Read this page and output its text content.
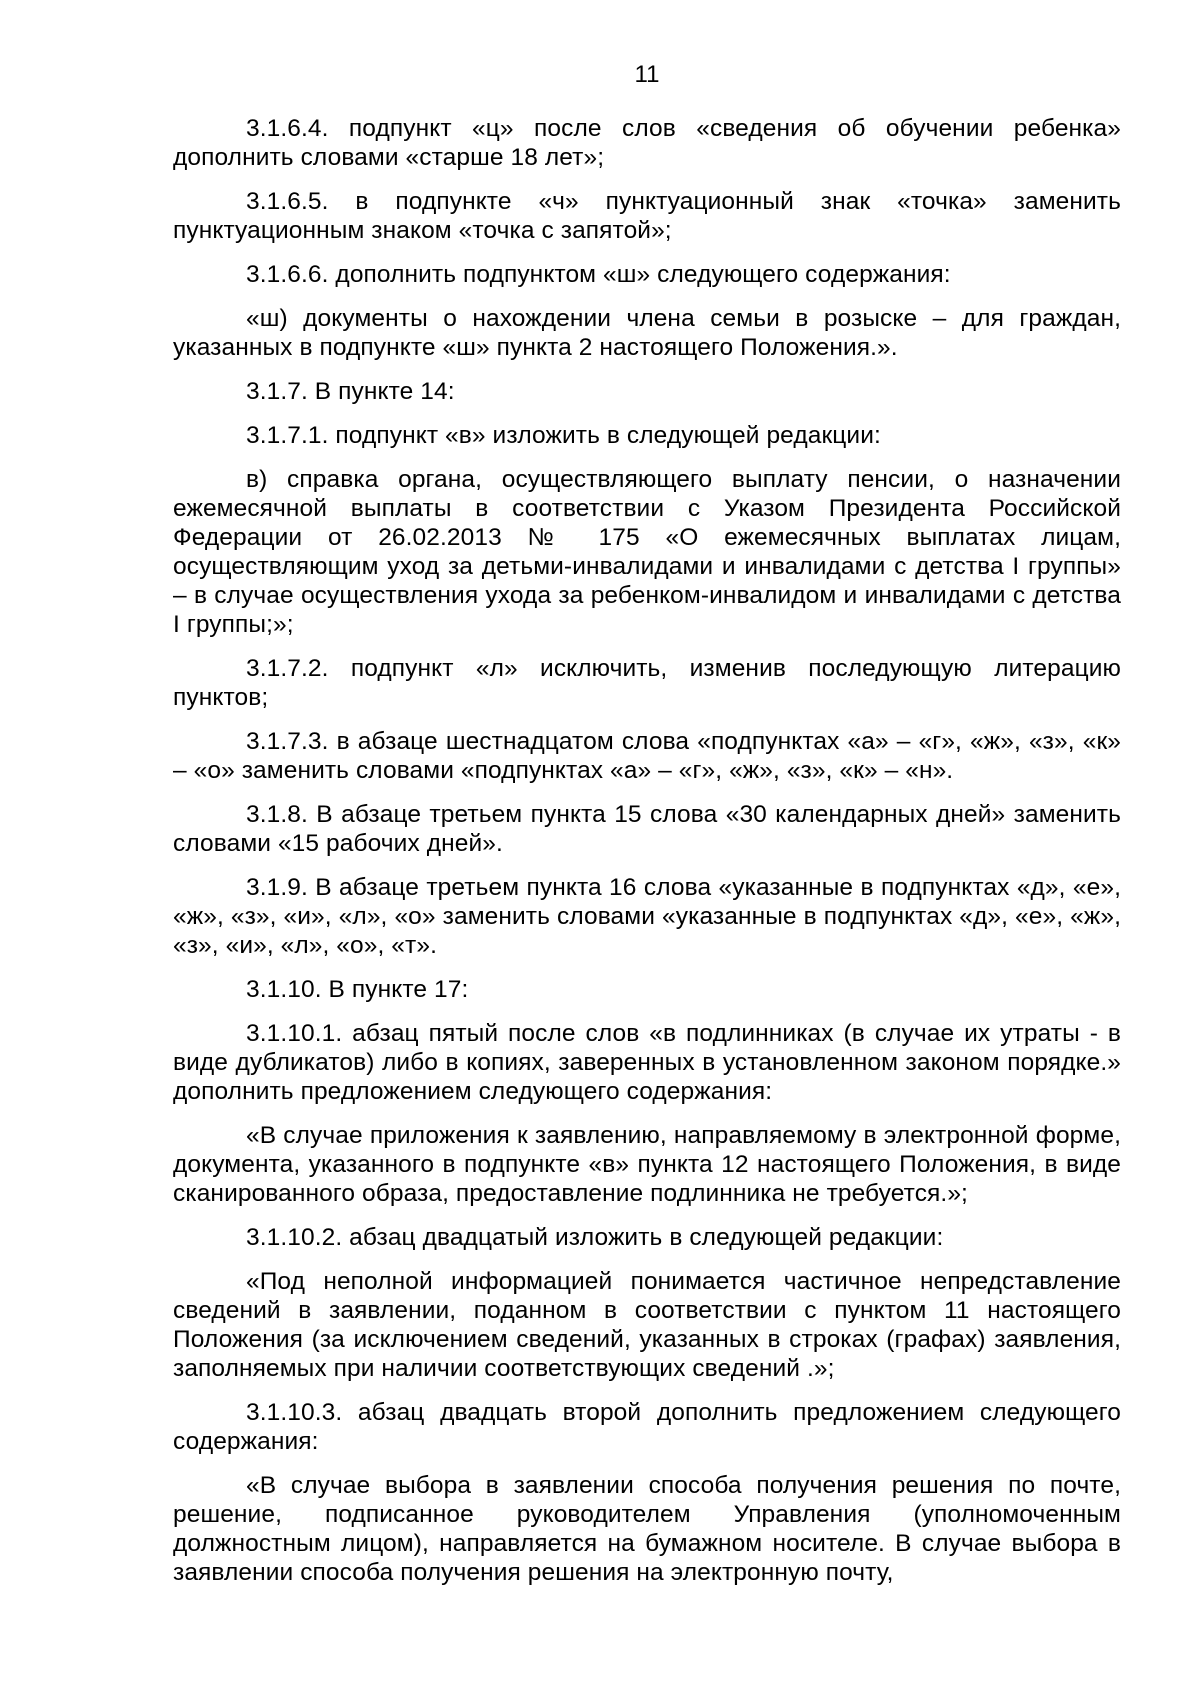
11

3.1.6.4. подпункт «ц» после слов «сведения об обучении ребенка» дополнить словами «старше 18 лет»;

3.1.6.5. в подпункте «ч» пунктуационный знак «точка» заменить пунктуационным знаком «точка с запятой»;

3.1.6.6. дополнить подпунктом «ш» следующего содержания:

«ш) документы о нахождении члена семьи в розыске – для граждан, указанных в подпункте «ш» пункта 2 настоящего Положения.».

3.1.7. В пункте 14:

3.1.7.1. подпункт «в» изложить в следующей редакции:

в) справка органа, осуществляющего выплату пенсии, о назначении ежемесячной выплаты в соответствии с Указом Президента Российской Федерации от 26.02.2013 № 175 «О ежемесячных выплатах лицам, осуществляющим уход за детьми-инвалидами и инвалидами с детства I группы» – в случае осуществления ухода за ребенком-инвалидом и инвалидами с детства I группы;»;

3.1.7.2. подпункт «л» исключить, изменив последующую литерацию пунктов;

3.1.7.3. в абзаце шестнадцатом слова «подпунктах «а» – «г», «ж», «з», «к» – «о» заменить словами «подпунктах «а» – «г», «ж», «з», «к» – «н».

3.1.8. В абзаце третьем пункта 15 слова «30 календарных дней» заменить словами «15 рабочих дней».

3.1.9. В абзаце третьем пункта 16 слова «указанные в подпунктах «д», «е», «ж», «з», «и», «л», «о» заменить словами «указанные в подпунктах «д», «е», «ж», «з», «и», «л», «о», «т».

3.1.10. В пункте 17:

3.1.10.1. абзац пятый после слов «в подлинниках (в случае их утраты - в виде дубликатов) либо в копиях, заверенных в установленном законом порядке.» дополнить предложением следующего содержания:

«В случае приложения к заявлению, направляемому в электронной форме, документа, указанного в подпункте «в» пункта 12 настоящего Положения, в виде сканированного образа, предоставление подлинника не требуется.»;

3.1.10.2. абзац двадцатый изложить в следующей редакции:

«Под неполной информацией понимается частичное непредставление сведений в заявлении, поданном в соответствии с пунктом 11 настоящего Положения (за исключением сведений, указанных в строках (графах) заявления, заполняемых при наличии соответствующих сведений .»;

3.1.10.3. абзац двадцать второй дополнить предложением следующего содержания:

«В случае выбора в заявлении способа получения решения по почте, решение, подписанное руководителем Управления (уполномоченным должностным лицом), направляется на бумажном носителе. В случае выбора в заявлении способа получения решения на электронную почту,
